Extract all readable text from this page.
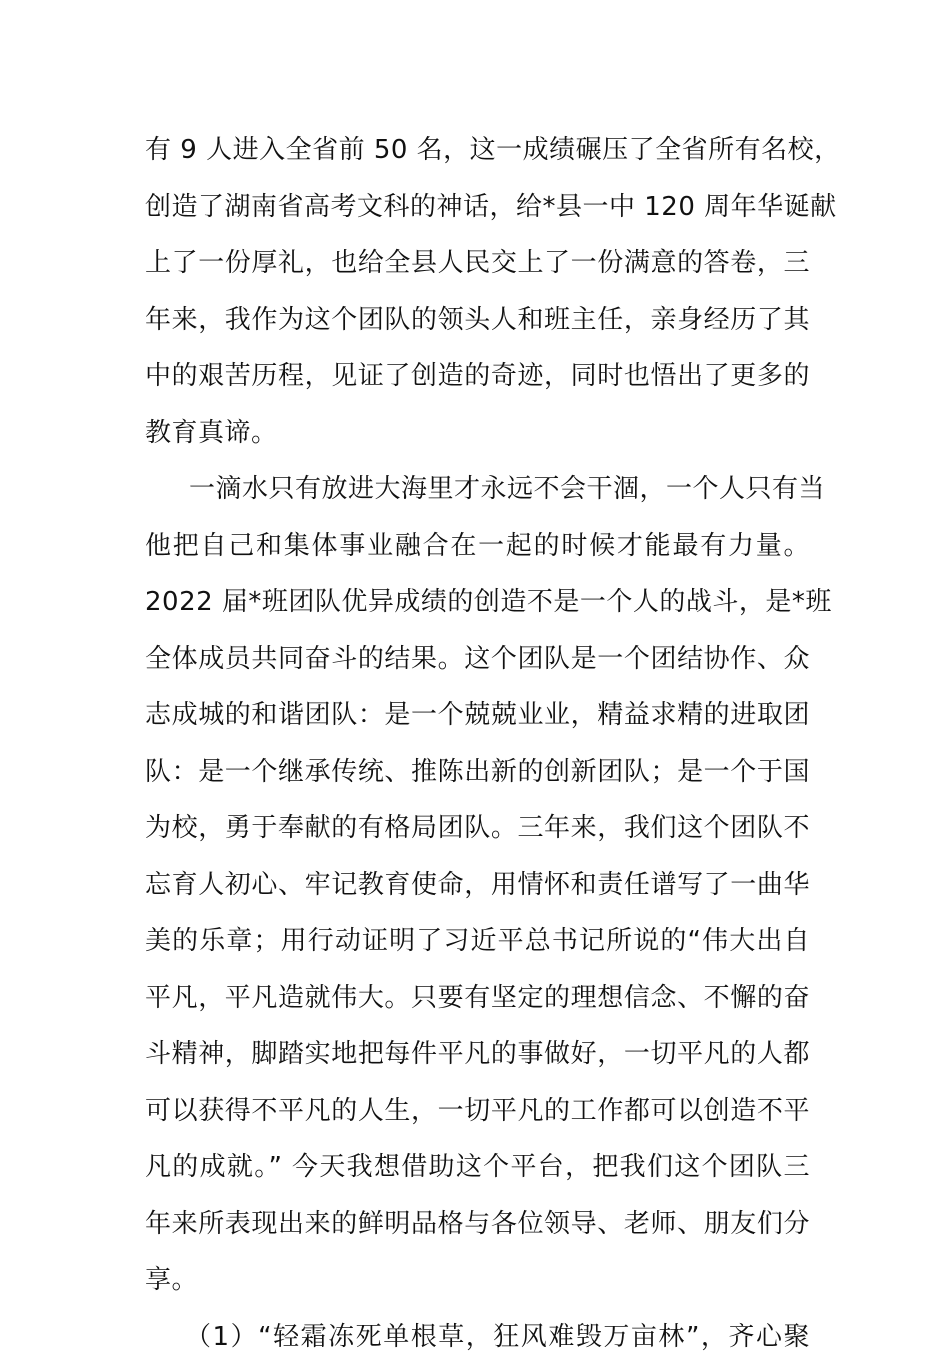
有 9 人进入全省前 50 名，这一成绩碾压了全省所有名校，
创造了湖南省高考文科的神话，给*县一中 120 周年华诞献
上了一份厚礼，也给全县人民交上了一份满意的答卷，三
年来，我作为这个团队的领头人和班主任，亲身经历了其
中的艰苦历程，见证了创造的奇迹，同时也悟出了更多的
教育真谛。
一滴水只有放进大海里才永远不会干涸，一个人只有当
他把自己和集体事业融合在一起的时候才能最有力量。
2022 届*班团队优异成绩的创造不是一个人的战斗，是*班
全体成员共同奋斗的结果。这个团队是一个团结协作、众
志成城的和谐团队：是一个兢兢业业，精益求精的进取团
队：是一个继承传统、推陈出新的创新团队；是一个于国
为校，勇于奉献的有格局团队。三年来，我们这个团队不
忘育人初心、牢记教育使命，用情怀和责任谱写了一曲华
美的乐章；用行动证明了习近平总书记所说的“伟大出自
平凡，平凡造就伟大。只要有坚定的理想信念、不懈的奋
斗精神，脚踏实地把每件平凡的事做好，一切平凡的人都
可以获得不平凡的人生，一切平凡的工作都可以创造不平
凡的成就。” 今天我想借助这个平台，把我们这个团队三
年来所表现出来的鲜明品格与各位领导、老师、朋友们分
享。
（1）“轻霜冻死单根草，狂风难毁万亩林”，齐心聚
